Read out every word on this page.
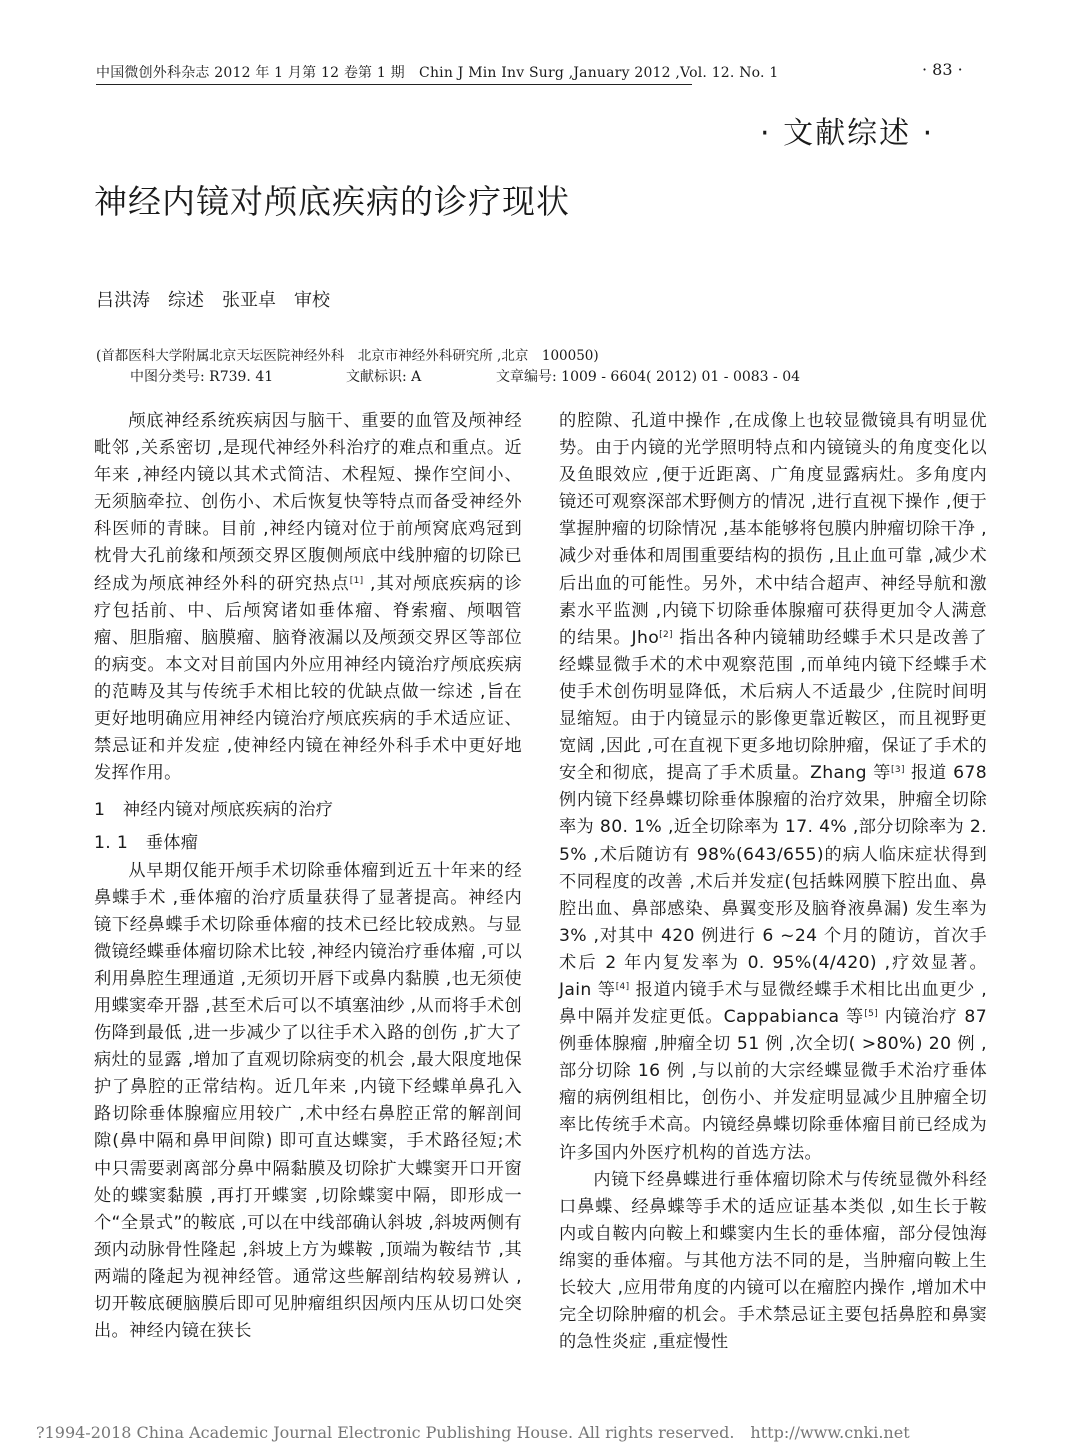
中国微创外科杂志 2012 年 1 月第 12 卷第 1 期　Chin J Min Inv Surg ,January 2012 ,Vol. 12. No. 1	· 83 ·
· 文献综述 ·
神经内镜对颅底疾病的诊疗现状
吕洪涛　综述　张亚卓　审校
(首都医科大学附属北京天坛医院神经外科　北京市神经外科研究所 ,北京　100050)
中图分类号: R739. 41	文献标识: A	文章编号: 1009 - 6604( 2012) 01 - 0083 - 04

颅底神经系统疾病因与脑干、重要的血管及颅神经毗邻 ,关系密切 ,是现代神经外科治疗的难点和重点。近年来 ,神经内镜以其术式简洁、术程短、操作空间小、无须脑牵拉、创伤小、术后恢复快等特点而备受神经外科医师的青睐。目前 ,神经内镜对位于前颅窝底鸡冠到枕骨大孔前缘和颅颈交界区腹侧颅底中线肿瘤的切除已经成为颅底神经外科的研究热点[1] ,其对颅底疾病的诊疗包括前、中、后颅窝诸如垂体瘤、脊索瘤、颅咽管瘤、胆脂瘤、脑膜瘤、脑脊液漏以及颅颈交界区等部位的病变。本文对目前国内外应用神经内镜治疗颅底疾病的范畴及其与传统手术相比较的优缺点做一综述 ,旨在更好地明确应用神经内镜治疗颅底疾病的手术适应证、禁忌证和并发症 ,使神经内镜在神经外科手术中更好地发挥作用。

1　神经内镜对颅底疾病的治疗

1. 1　垂体瘤

从早期仅能开颅手术切除垂体瘤到近五十年来的经鼻蝶手术 ,垂体瘤的治疗质量获得了显著提高。神经内镜下经鼻蝶手术切除垂体瘤的技术已经比较成熟。与显微镜经蝶垂体瘤切除术比较 ,神经内镜治疗垂体瘤 ,可以利用鼻腔生理通道 ,无须切开唇下或鼻内黏膜 ,也无须使用蝶窦牵开器 ,甚至术后可以不填塞油纱 ,从而将手术创伤降到最低 ,进一步减少了以往手术入路的创伤 ,扩大了病灶的显露 ,增加了直观切除病变的机会 ,最大限度地保护了鼻腔的正常结构。近几年来 ,内镜下经蝶单鼻孔入路切除垂体腺瘤应用较广 ,术中经右鼻腔正常的解剖间隙(鼻中隔和鼻甲间隙) 即可直达蝶窦，手术路径短;术中只需要剥离部分鼻中隔黏膜及切除扩大蝶窦开口开窗处的蝶窦黏膜 ,再打开蝶窦 ,切除蝶窦中隔，即形成一个“全景式”的鞍底 ,可以在中线部确认斜坡 ,斜坡两侧有颈内动脉骨性隆起 ,斜坡上方为蝶鞍 ,顶端为鞍结节 ,其两端的隆起为视神经管。通常这些解剖结构较易辨认 ,切开鞍底硬脑膜后即可见肿瘤组织因颅内压从切口处突出。神经内镜在狭长

的腔隙、孔道中操作 ,在成像上也较显微镜具有明显优势。由于内镜的光学照明特点和内镜镜头的角度变化以及鱼眼效应 ,便于近距离、广角度显露病灶。多角度内镜还可观察深部术野侧方的情况 ,进行直视下操作 ,便于掌握肿瘤的切除情况 ,基本能够将包膜内肿瘤切除干净 ,减少对垂体和周围重要结构的损伤 ,且止血可靠 ,减少术后出血的可能性。另外，术中结合超声、神经导航和激素水平监测 ,内镜下切除垂体腺瘤可获得更加令人满意的结果。Jho[2] 指出各种内镜辅助经蝶手术只是改善了经蝶显微手术的术中观察范围 ,而单纯内镜下经蝶手术使手术创伤明显降低，术后病人不适最少 ,住院时间明显缩短。由于内镜显示的影像更靠近鞍区，而且视野更宽阔 ,因此 ,可在直视下更多地切除肿瘤，保证了手术的安全和彻底，提高了手术质量。Zhang 等[3] 报道 678 例内镜下经鼻蝶切除垂体腺瘤的治疗效果，肿瘤全切除率为 80. 1% ,近全切除率为 17. 4% ,部分切除率为 2. 5% ,术后随访有 98%(643/655)的病人临床症状得到不同程度的改善 ,术后并发症(包括蛛网膜下腔出血、鼻腔出血、鼻部感染、鼻翼变形及脑脊液鼻漏) 发生率为 3% ,对其中 420 例进行 6 ~24 个月的随访，首次手术后 2 年内复发率为 0. 95%(4/420) ,疗效显著。Jain 等[4] 报道内镜手术与显微经蝶手术相比出血更少 ,鼻中隔并发症更低。Cappabianca 等[5] 内镜治疗 87 例垂体腺瘤 ,肿瘤全切 51 例 ,次全切( >80%) 20 例 ,部分切除 16 例 ,与以前的大宗经蝶显微手术治疗垂体瘤的病例组相比，创伤小、并发症明显减少且肿瘤全切率比传统手术高。内镜经鼻蝶切除垂体瘤目前已经成为许多国内外医疗机构的首选方法。

内镜下经鼻蝶进行垂体瘤切除术与传统显微外科经口鼻蝶、经鼻蝶等手术的适应证基本类似 ,如生长于鞍内或自鞍内向鞍上和蝶窦内生长的垂体瘤，部分侵蚀海绵窦的垂体瘤。与其他方法不同的是，当肿瘤向鞍上生长较大 ,应用带角度的内镜可以在瘤腔内操作 ,增加术中完全切除肿瘤的机会。手术禁忌证主要包括鼻腔和鼻窦的急性炎症 ,重症慢性

?1994-2018 China Academic Journal Electronic Publishing House. All rights reserved.　http://www.cnki.net
